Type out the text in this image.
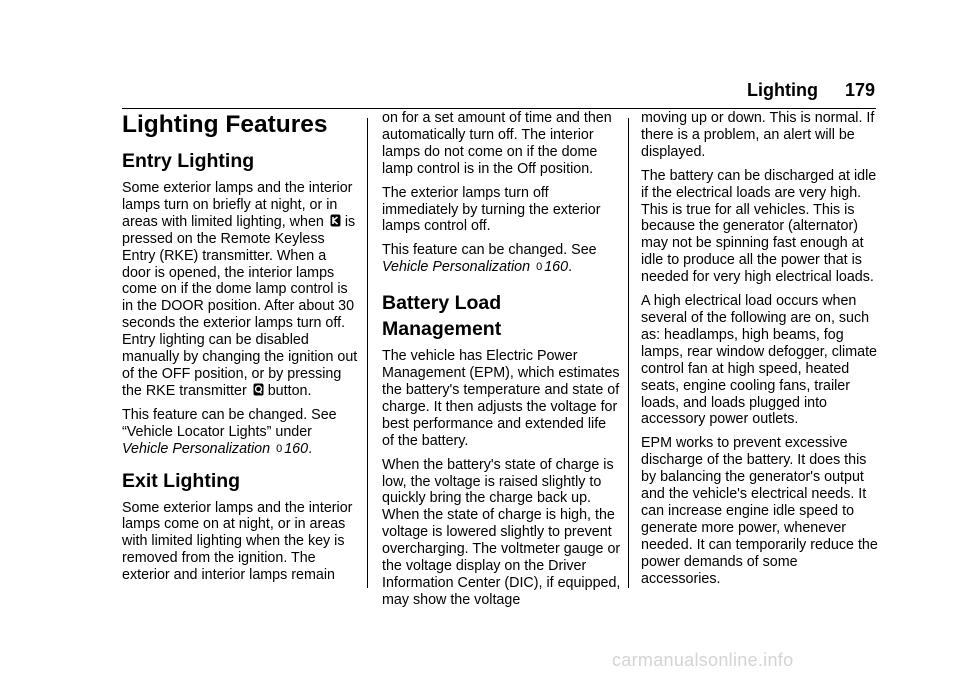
Lighting 179
Lighting Features
Entry Lighting

Some exterior lamps and the interior lamps turn on briefly at night, or in areas with limited lighting, when is pressed on the Remote Keyless Entry (RKE) transmitter. When a door is opened, the interior lamps come on if the dome lamp control is in the DOOR position. After about 30 seconds the exterior lamps turn off. Entry lighting can be disabled manually by changing the ignition out of the OFF position, or by pressing the RKE transmitter button.

This feature can be changed. See “Vehicle Locator Lights” under Vehicle Personalization 0 160.

Exit Lighting

Some exterior lamps and the interior lamps come on at night, or in areas with limited lighting when the key is removed from the ignition. The exterior and interior lamps remain

on for a set amount of time and then automatically turn off. The interior lamps do not come on if the dome lamp control is in the Off position.

The exterior lamps turn off immediately by turning the exterior lamps control off.

This feature can be changed. See Vehicle Personalization 0 160.

Battery Load
Management

The vehicle has Electric Power Management (EPM), which estimates the battery's temperature and state of charge. It then adjusts the voltage for best performance and extended life of the battery.

When the battery's state of charge is low, the voltage is raised slightly to quickly bring the charge back up. When the state of charge is high, the voltage is lowered slightly to prevent overcharging. The voltmeter gauge or the voltage display on the Driver Information Center (DIC), if equipped, may show the voltage

moving up or down. This is normal. If there is a problem, an alert will be displayed.

The battery can be discharged at idle if the electrical loads are very high. This is true for all vehicles. This is because the generator (alternator) may not be spinning fast enough at idle to produce all the power that is needed for very high electrical loads.

A high electrical load occurs when several of the following are on, such as: headlamps, high beams, fog lamps, rear window defogger, climate control fan at high speed, heated seats, engine cooling fans, trailer loads, and loads plugged into accessory power outlets.

EPM works to prevent excessive discharge of the battery. It does this by balancing the generator's output and the vehicle's electrical needs. It can increase engine idle speed to generate more power, whenever needed. It can temporarily reduce the power demands of some accessories.

carmanualsonline.info
